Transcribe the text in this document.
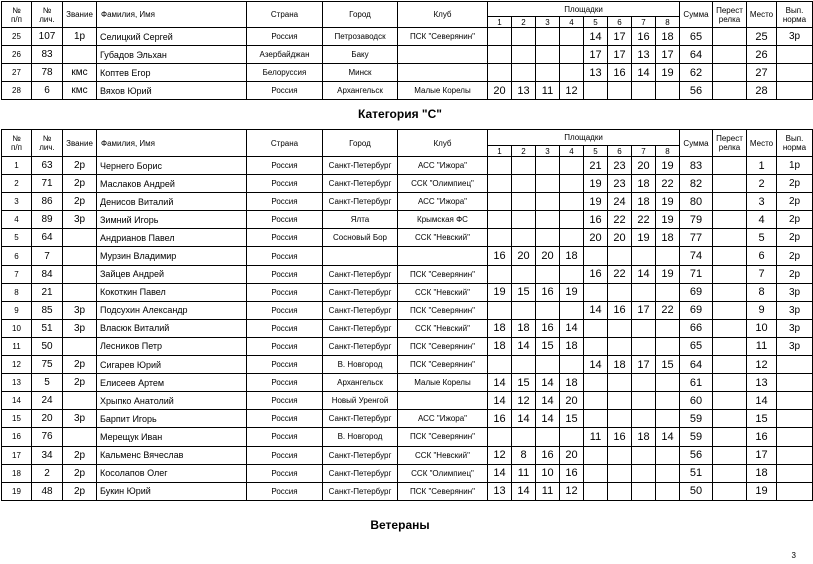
№
п/п	№
лич.	Звание	Фамилия, Имя	Страна	Город	Клуб	Площадки								Сумма	Перест релка	Место	Вып. норма
							1	2	3	4	5	6	7	8				
25	107	1р	Селицкий Сергей	Россия	Петрозаводск	ПСК "Северянин"					14	17	16	18	65		25	3р
26	83		Губадов Эльхан	Азербайджан	Баку						17	17	13	17	64		26	
27	78	кмс	Коптев Егор	Белоруссия	Минск						13	16	14	19	62		27	
28	6	кмс	Вяхов Юрий	Россия	Архангельск	Малые Корелы	20	13	11	12					56		28	
Категория "С"
№
п/п	№
лич.	Звание	Фамилия, Имя	Страна	Город	Клуб	Площадки								Сумма	Перест релка	Место	Вып. норма
							1	2	3	4	5	6	7	8				
1	63	2р	Чернего Борис	Россия	Санкт-Петербург	АСС "Ижора"					21	23	20	19	83		1	1р
2	71	2р	Маслаков Андрей	Россия	Санкт-Петербург	ССК "Олимпиец"					19	23	18	22	82		2	2р
3	86	2р	Денисов Виталий	Россия	Санкт-Петербург	АСС "Ижора"					19	24	18	19	80		3	2р
4	89	3р	Зимний Игорь	Россия	Ялта	Крымская ФС					16	22	22	19	79		4	2р
5	64		Андрианов Павел	Россия	Сосновый Бор	ССК "Невский"					20	20	19	18	77		5	2р
6	7		Мурзин Владимир	Россия			16	20	20	18					74		6	2р
7	84		Зайцев Андрей	Россия	Санкт-Петербург	ПСК "Северянин"					16	22	14	19	71		7	2р
8	21		Кокоткин Павел	Россия	Санкт-Петербург	ССК "Невский"	19	15	16	19					69		8	3р
9	85	3р	Подсухин Александр	Россия	Санкт-Петербург	ПСК "Северянин"					14	16	17	22	69		9	3р
10	51	3р	Власюк Виталий	Россия	Санкт-Петербург	ССК "Невский"	18	18	16	14					66		10	3р
11	50		Лесников Петр	Россия	Санкт-Петербург	ПСК "Северянин"	18	14	15	18					65		11	3р
12	75	2р	Сигарев Юрий	Россия	В. Новгород	ПСК "Северянин"					14	18	17	15	64		12	
13	5	2р	Елисеев Артем	Россия	Архангельск	Малые Корелы	14	15	14	18					61		13	
14	24		Хрыпко Анатолий	Россия	Новый Уренгой		14	12	14	20					60		14	
15	20	3р	Барпит Игорь	Россия	Санкт-Петербург	АСС "Ижора"	16	14	14	15					59		15	
16	76		Мерещук Иван	Россия	В. Новгород	ПСК "Северянин"					11	16	18	14	59		16	
17	34	2р	Кальменс Вячеслав	Россия	Санкт-Петербург	ССК "Невский"	12	8	16	20					56		17	
18	2	2р	Косолапов Олег	Россия	Санкт-Петербург	ССК "Олимпиец"	14	11	10	16					51		18	
19	48	2р	Букин Юрий	Россия	Санкт-Петербург	ПСК "Северянин"	13	14	11	12					50		19	
Ветераны
3
